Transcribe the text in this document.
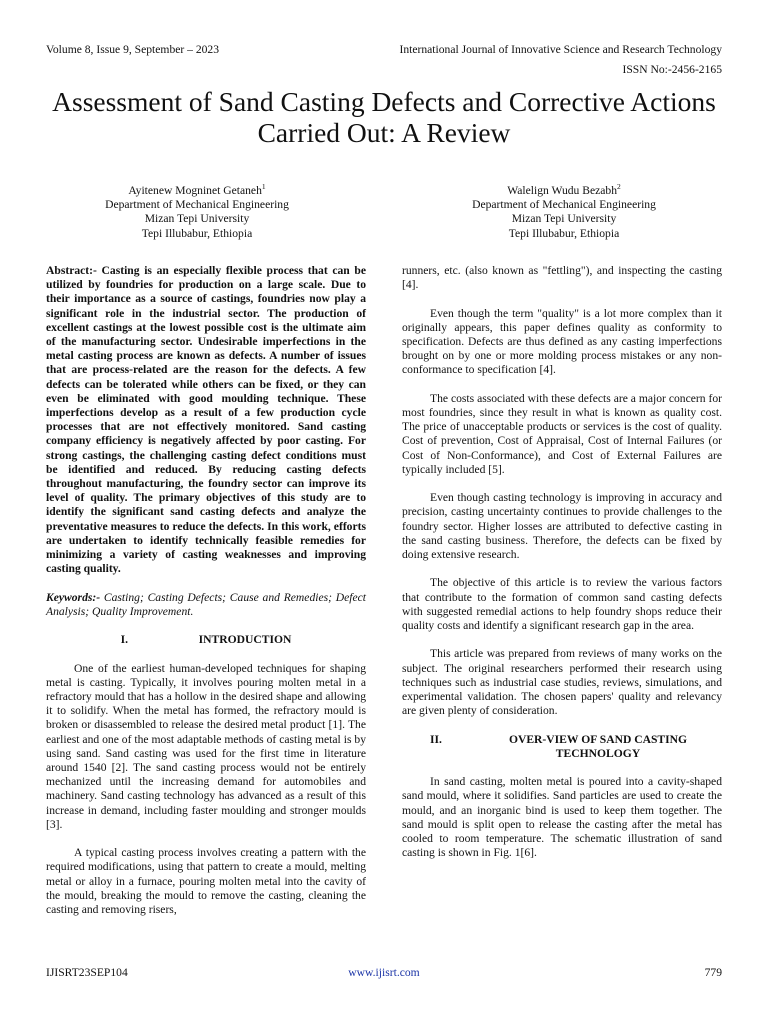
Volume 8, Issue 9, September – 2023	International Journal of Innovative Science and Research Technology
ISSN No:-2456-2165
Assessment of Sand Casting Defects and Corrective Actions Carried Out: A Review
Ayitenew Mogninet Getaneh$^1$
Department of Mechanical Engineering
Mizan Tepi University
Tepi Illubabur, Ethiopia
Walelign Wudu Bezabh$^2$
Department of Mechanical Engineering
Mizan Tepi University
Tepi Illubabur, Ethiopia

Abstract:- Casting is an especially flexible process that can be utilized by foundries for production on a large scale. Due to their importance as a source of castings, foundries now play a significant role in the industrial sector. The production of excellent castings at the lowest possible cost is the ultimate aim of the manufacturing sector. Undesirable imperfections in the metal casting process are known as defects. A number of issues that are process-related are the reason for the defects. A few defects can be tolerated while others can be fixed, or they can even be eliminated with good moulding technique. These imperfections develop as a result of a few production cycle processes that are not effectively monitored. Sand casting company efficiency is negatively affected by poor casting. For strong castings, the challenging casting defect conditions must be identified and reduced. By reducing casting defects throughout manufacturing, the foundry sector can improve its level of quality. The primary objectives of this study are to identify the significant sand casting defects and analyze the preventative measures to reduce the defects. In this work, efforts are undertaken to identify technically feasible remedies for minimizing a variety of casting weaknesses and improving casting quality.

Keywords:- Casting; Casting Defects; Cause and Remedies; Defect Analysis; Quality Improvement.

I.	INTRODUCTION

One of the earliest human-developed techniques for shaping metal is casting. Typically, it involves pouring molten metal in a refractory mould that has a hollow in the desired shape and allowing it to solidify. When the metal has formed, the refractory mould is broken or disassembled to release the desired metal product [1]. The earliest and one of the most adaptable methods of casting metal is by using sand. Sand casting was used for the first time in literature around 1540 [2]. The sand casting process would not be entirely mechanized until the increasing demand for automobiles and machinery. Sand casting technology has advanced as a result of this increase in demand, including faster moulding and stronger moulds [3].

A typical casting process involves creating a pattern with the required modifications, using that pattern to create a mould, melting metal or alloy in a furnace, pouring molten metal into the cavity of the mould, breaking the mould to remove the casting, cleaning the casting and removing risers,

runners, etc. (also known as "fettling"), and inspecting the casting [4].

Even though the term "quality" is a lot more complex than it originally appears, this paper defines quality as conformity to specification. Defects are thus defined as any casting imperfections brought on by one or more molding process mistakes or any non-conformance to specification [4].

The costs associated with these defects are a major concern for most foundries, since they result in what is known as quality cost. The price of unacceptable products or services is the cost of quality. Cost of prevention, Cost of Appraisal, Cost of Internal Failures (or Cost of Non-Conformance), and Cost of External Failures are typically included [5].

Even though casting technology is improving in accuracy and precision, casting uncertainty continues to provide challenges to the foundry sector. Higher losses are attributed to defective casting in the sand casting business. Therefore, the defects can be fixed by doing extensive research.

The objective of this article is to review the various factors that contribute to the formation of common sand casting defects with suggested remedial actions to help foundry shops reduce their quality costs and identify a significant research gap in the area.

This article was prepared from reviews of many works on the subject. The original researchers performed their research using techniques such as industrial case studies, reviews, simulations, and experimental validation. The chosen papers' quality and relevancy are given plenty of consideration.

II.	OVER-VIEW OF SAND CASTING TECHNOLOGY

In sand casting, molten metal is poured into a cavity-shaped sand mould, where it solidifies. Sand particles are used to create the mould, and an inorganic bind is used to keep them together. The sand mould is split open to release the casting after the metal has cooled to room temperature. The schematic illustration of sand casting is shown in Fig. 1[6].

IJISRT23SEP104	www.ijisrt.com	779
